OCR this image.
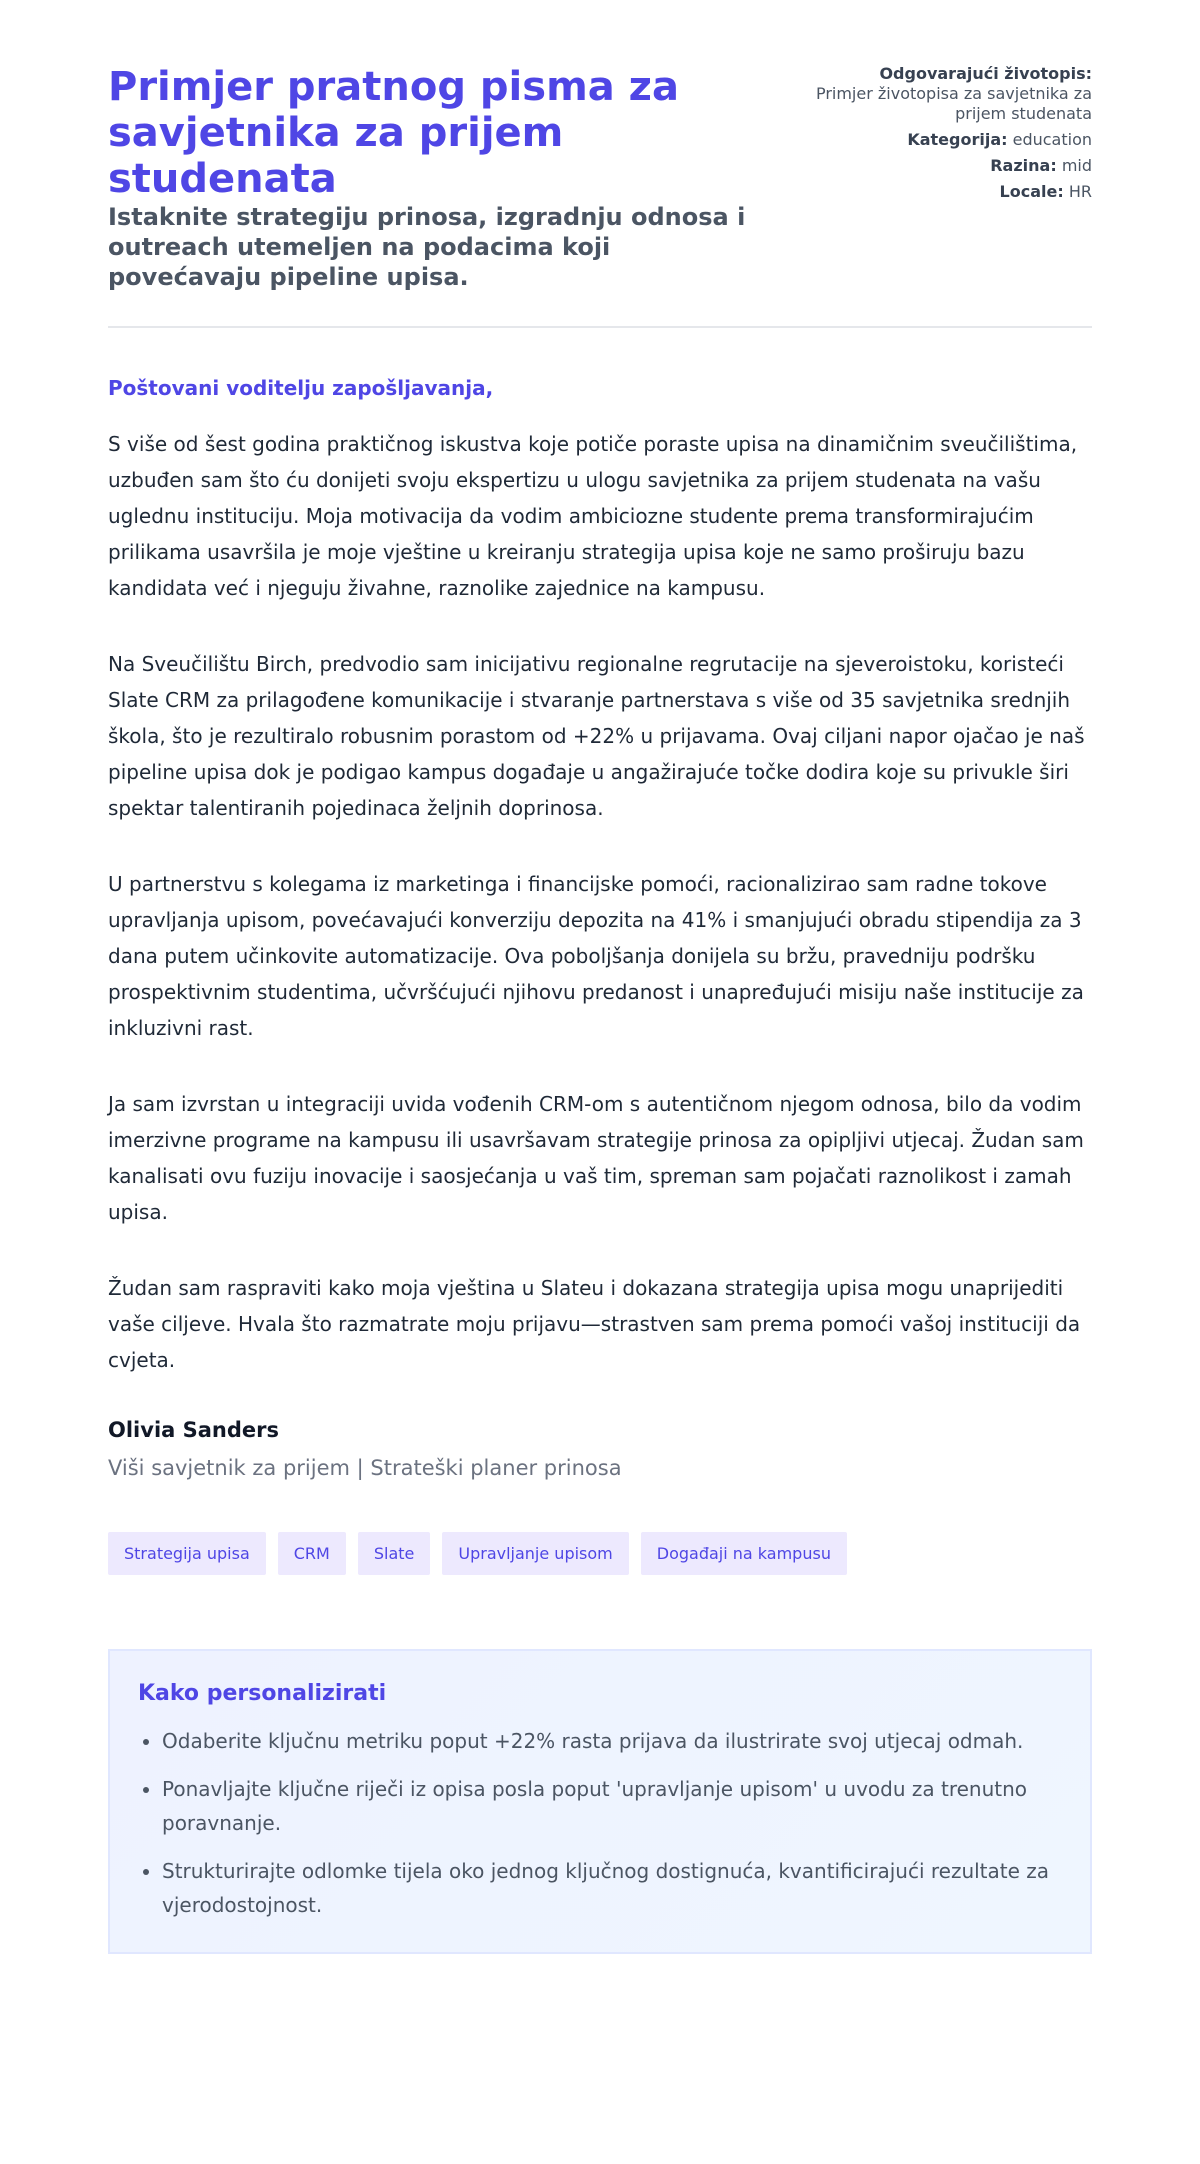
Primjer pratnog pisma za savjetnika za prijem studenata
Istaknite strategiju prinosa, izgradnju odnosa i outreach utemeljen na podacima koji povećavaju pipeline upisa.
Odgovarajući životopis:
Primjer životopisa za savjetnika za prijem studenata
Kategorija: education
Razina: mid
Locale: HR

Poštovani voditelju zapošljavanja,

S više od šest godina praktičnog iskustva koje potiče poraste upisa na dinamičnim sveučilištima, uzbuđen sam što ću donijeti svoju ekspertizu u ulogu savjetnika za prijem studenata na vašu uglednu instituciju. Moja motivacija da vodim ambiciozne studente prema transformirajućim prilikama usavršila je moje vještine u kreiranju strategija upisa koje ne samo proširuju bazu kandidata već i njeguju živahne, raznolike zajednice na kampusu.

Na Sveučilištu Birch, predvodio sam inicijativu regionalne regrutacije na sjeveroistoku, koristeći Slate CRM za prilagođene komunikacije i stvaranje partnerstava s više od 35 savjetnika srednjih škola, što je rezultiralo robusnim porastom od +22% u prijavama. Ovaj ciljani napor ojačao je naš pipeline upisa dok je podigao kampus događaje u angažirajuće točke dodira koje su privukle širi spektar talentiranih pojedinaca željnih doprinosa.

U partnerstvu s kolegama iz marketinga i financijske pomoći, racionalizirao sam radne tokove upravljanja upisom, povećavajući konverziju depozita na 41% i smanjujući obradu stipendija za 3 dana putem učinkovite automatizacije. Ova poboljšanja donijela su bržu, pravedniju podršku prospektivnim studentima, učvršćujući njihovu predanost i unapređujući misiju naše institucije za inkluzivni rast.

Ja sam izvrstan u integraciji uvida vođenih CRM-om s autentičnom njegom odnosa, bilo da vodim imerzivne programe na kampusu ili usavršavam strategije prinosa za opipljivi utjecaj. Žudan sam kanalisati ovu fuziju inovacije i saosjećanja u vaš tim, spreman sam pojačati raznolikost i zamah upisa.

Žudan sam raspraviti kako moja vještina u Slateu i dokazana strategija upisa mogu unaprijediti vaše ciljeve. Hvala što razmatrate moju prijavu—strastven sam prema pomoći vašoj instituciji da cvjeta.

Olivia Sanders
Viši savjetnik za prijem | Strateški planer prinosa
Strategija upisa	CRM	Slate	Upravljanje upisom	Događaji na kampusu
Kako personalizirati
• Odaberite ključnu metriku poput +22% rasta prijava da ilustrirate svoj utjecaj odmah.
• Ponavljajte ključne riječi iz opisa posla poput 'upravljanje upisom' u uvodu za trenutno poravnanje.
• Strukturirajte odlomke tijela oko jednog ključnog dostignuća, kvantificirajući rezultate za vjerodostojnost.
